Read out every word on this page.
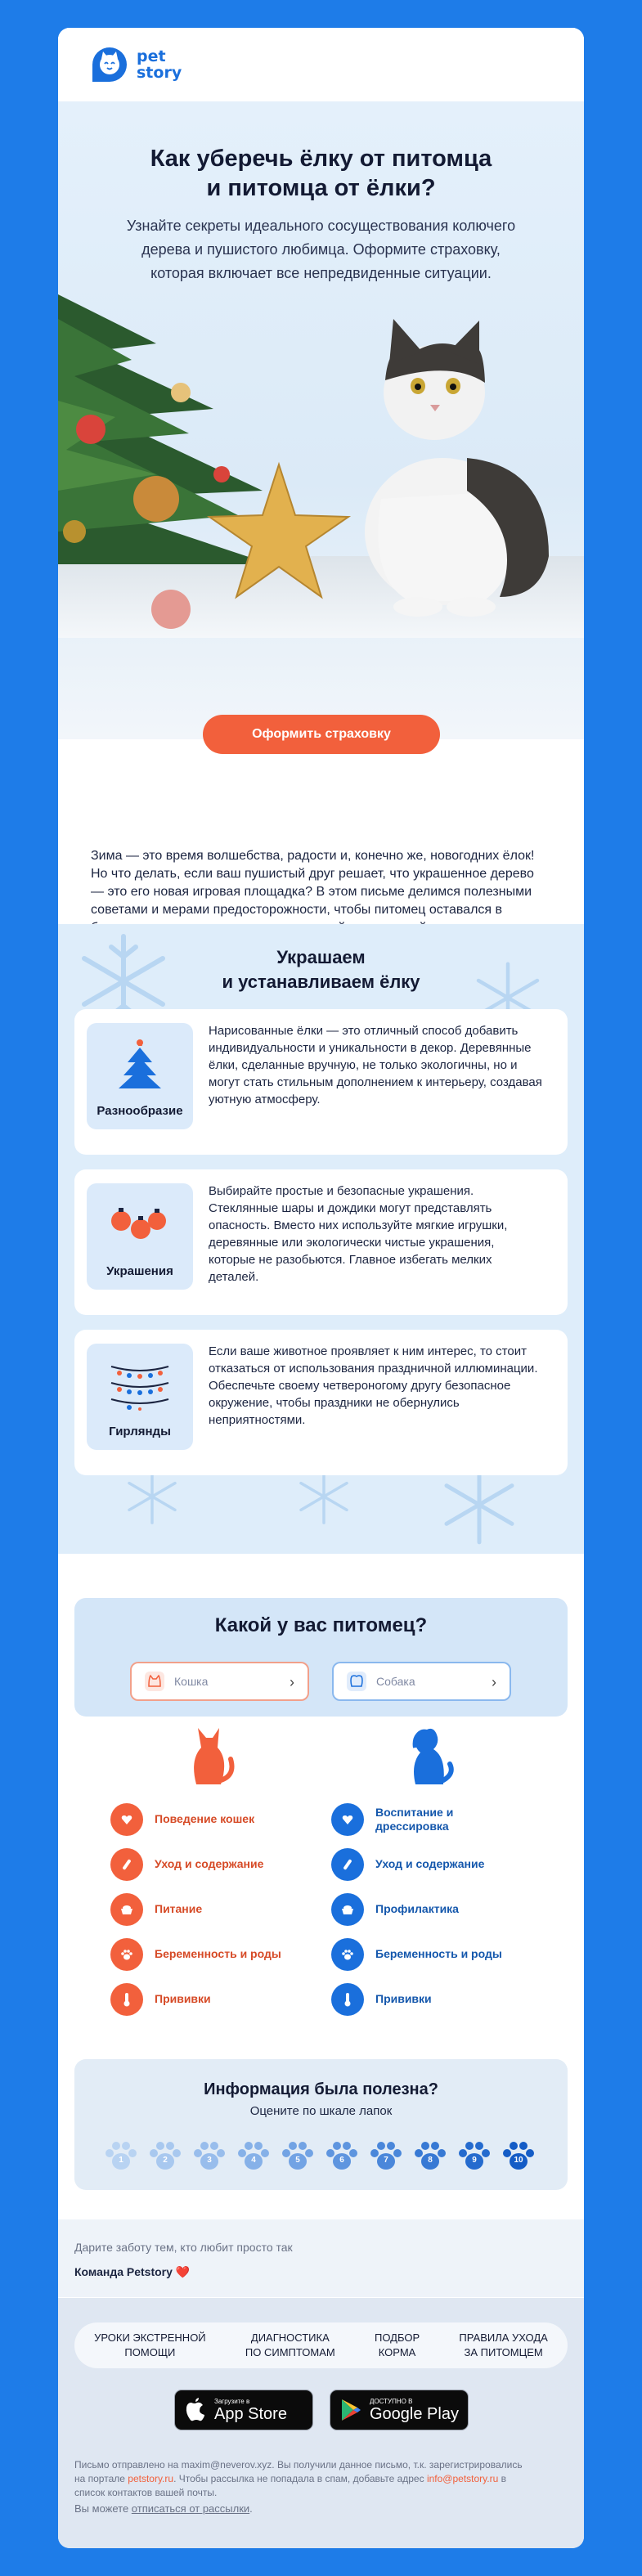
pet
story
Как уберечь ёлку от питомца
и питомца от ёлки?

Узнайте секреты идеального сосуществования колючего дерева и пушистого любимца. Оформите страховку, которая включает все непредвиденные ситуации.

Оформить страховку
Зима — это время волшебства, радости и, конечно же, новогодних ёлок! Но что делать, если ваш пушистый друг решает, что украшенное дерево — это его новая игровая площадка? В этом письме делимся полезными советами и мерами предосторожности, чтобы питомец оставался в
Украшаем
и устанавливаем ёлку
Разнообразие
Нарисованные ёлки — это отличный способ добавить индивидуальности и уникальности в декор. Деревянные ёлки, сделанные вручную, не только экологичны, но и могут стать стильным дополнением к интерьеру, создавая уютную атмосферу.
Украшения
Выбирайте простые и безопасные украшения. Стеклянные шары и дождики могут представлять опасность. Вместо них используйте мягкие игрушки, деревянные или экологически чистые украшения, которые не разобьются. Главное избегать мелких деталей.
Гирлянды
Если ваше животное проявляет к ним интерес, то стоит отказаться от использования праздничной иллюминации. Обеспечьте своему четвероногому другу безопасное окружение, чтобы праздники не обернулись неприятностями.
Какой у вас питомец?
Кошка	›	Собака	›
Поведение кошек
Уход и содержание
Питание
Беременность и роды
Прививки
Воспитание и дрессировка
Уход и содержание
Профилактика
Беременность и роды
Прививки
Информация была полезна?
Оцените по шкале лапок
1	2	3	4	5	6	7	8	9	10
Дарите заботу тем, кто любит просто так
Команда Petstory ❤️
УРОКИ ЭКСТРЕННОЙ
ПОМОЩИ
ДИАГНОСТИКА
ПО СИМПТОМАМ
ПОДБОР
КОРМА
ПРАВИЛА УХОДА
ЗА ПИТОМЦЕМ
Загрузите в
App Store
ДОСТУПНО В
Google Play
Письмо отправлено на maxim@neverov.xyz. Вы получили данное письмо, т.к. зарегистрировались на портале petstory.ru. Чтобы рассылка не попадала в спам, добавьте адрес info@petstory.ru в список контактов вашей почты.
Вы можете отписаться от рассылки.
